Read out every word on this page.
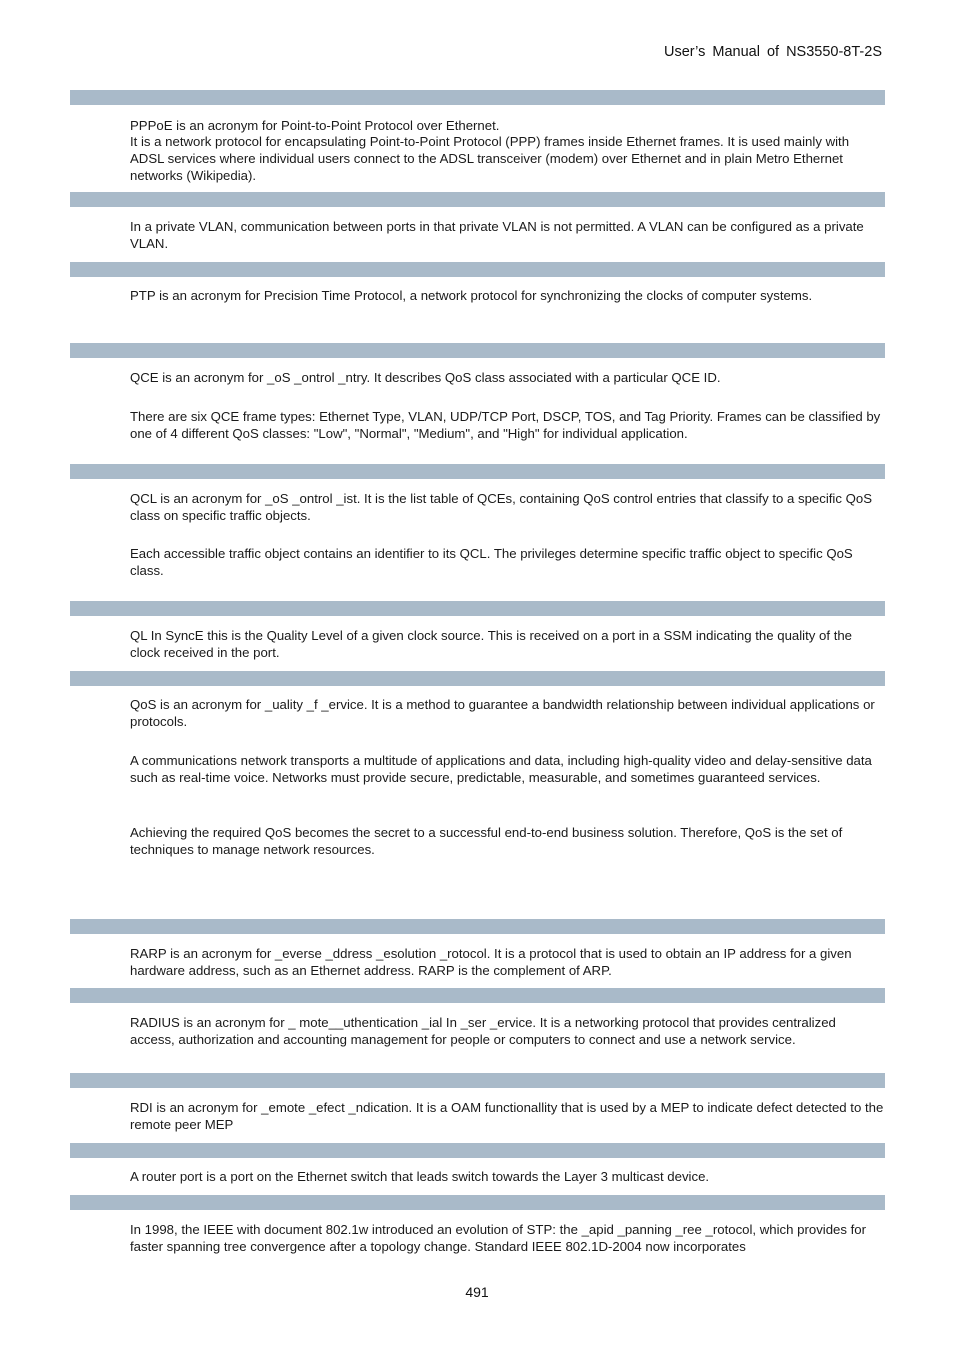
User’s Manual of NS3550-8T-2S

PPPoE is an acronym for Point-to-Point Protocol over Ethernet.

It is a network protocol for encapsulating Point-to-Point Protocol (PPP) frames inside Ethernet frames. It is used mainly with ADSL services where individual users connect to the ADSL transceiver (modem) over Ethernet and in plain Metro Ethernet networks (Wikipedia).

In a private VLAN, communication between ports in that private VLAN is not permitted. A VLAN can be configured as a private VLAN.

PTP is an acronym for Precision Time Protocol, a network protocol for synchronizing the clocks of computer systems.

QCE is an acronym for _oS _ontrol _ntry. It describes QoS class associated with a particular QCE ID.

There are six QCE frame types: Ethernet Type, VLAN, UDP/TCP Port, DSCP, TOS, and Tag Priority. Frames can be classified by one of 4 different QoS classes: "Low", "Normal", "Medium", and "High" for individual application.

QCL is an acronym for _oS _ontrol _ist. It is the list table of QCEs, containing QoS control entries that classify to a specific QoS class on specific traffic objects.

Each accessible traffic object contains an identifier to its QCL. The privileges determine specific traffic object to specific QoS class.

QL In SyncE this is the Quality Level of a given clock source. This is received on a port in a SSM indicating the quality of the clock received in the port.

QoS is an acronym for _uality _f _ervice. It is a method to guarantee a bandwidth relationship between individual applications or protocols.

A communications network transports a multitude of applications and data, including high-quality video and delay-sensitive data such as real-time voice. Networks must provide secure, predictable, measurable, and sometimes guaranteed services.

Achieving the required QoS becomes the secret to a successful end-to-end business solution. Therefore, QoS is the set of techniques to manage network resources.

RARP is an acronym for _everse _ddress _esolution _rotocol. It is a protocol that is used to obtain an IP address for a given hardware address, such as an Ethernet address. RARP is the complement of ARP.

RADIUS is an acronym for _ mote__uthentication _ial In _ser _ervice. It is a networking protocol that provides centralized access, authorization and accounting management for people or computers to connect and use a network service.

RDI is an acronym for _emote _efect _ndication. It is a OAM functionallity that is used by a MEP to indicate defect detected to the remote peer MEP

A router port is a port on the Ethernet switch that leads switch towards the Layer 3 multicast device.

In 1998, the IEEE with document 802.1w introduced an evolution of STP: the _apid _panning _ree _rotocol, which provides for faster spanning tree convergence after a topology change. Standard IEEE 802.1D-2004 now incorporates

491
